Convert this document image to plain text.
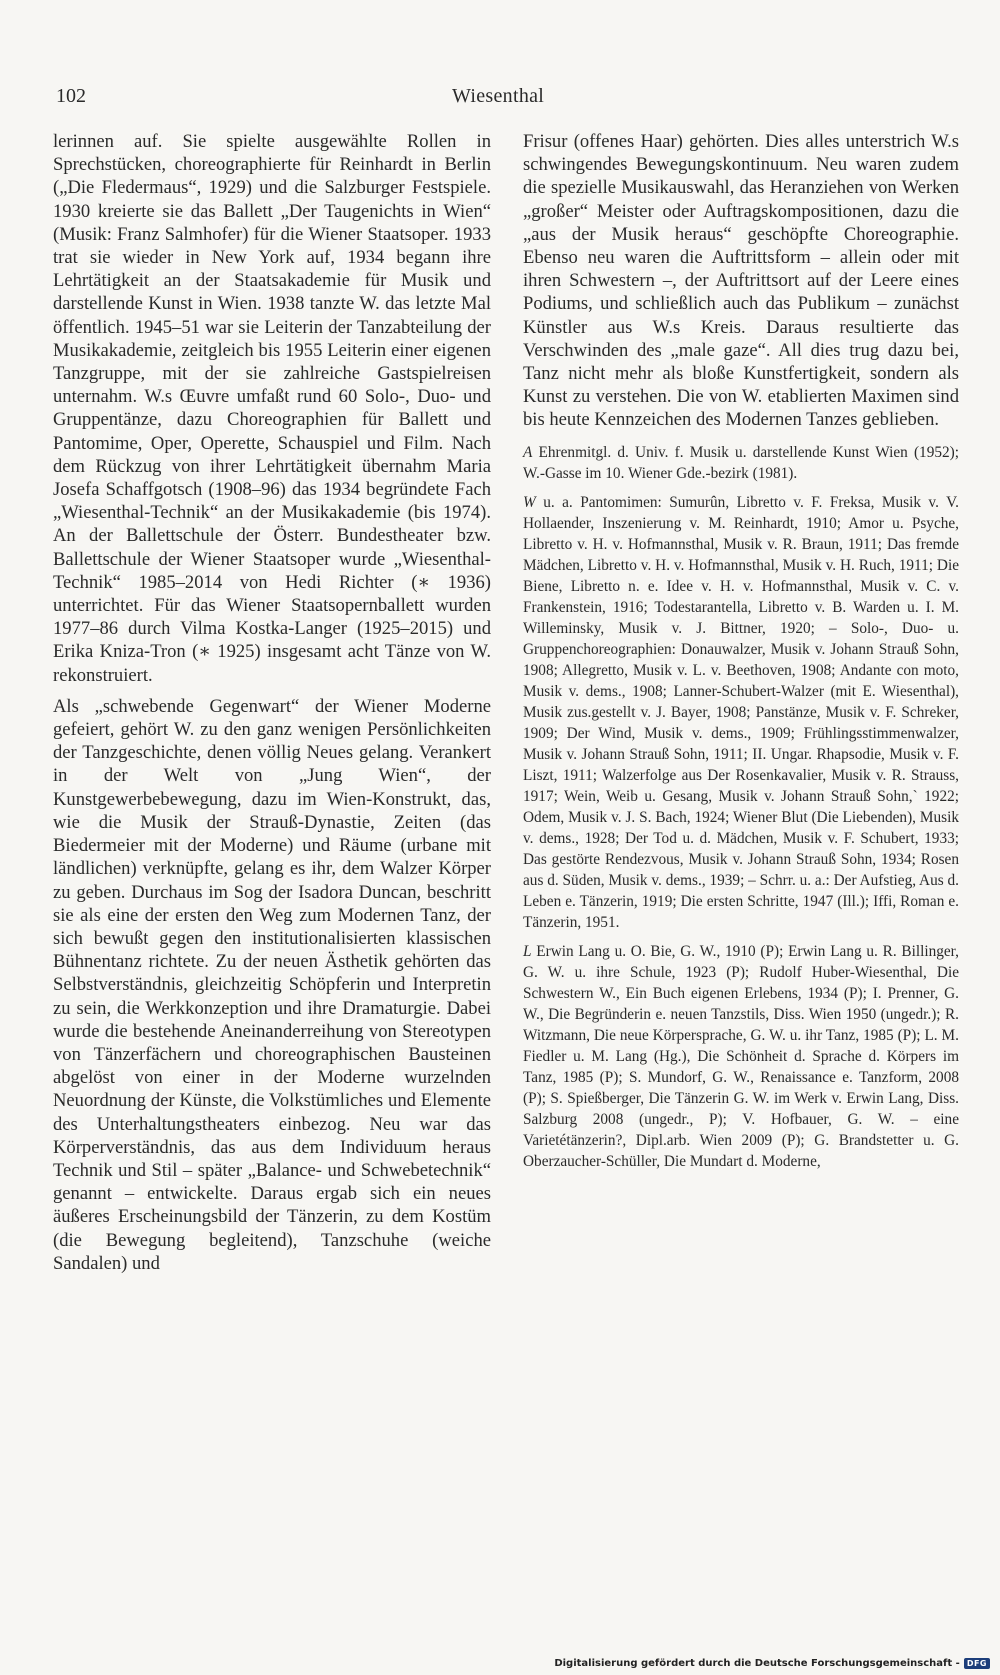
102	Wiesenthal

lerinnen auf. Sie spielte ausgewählte Rollen in Sprechstücken, choreographierte für Reinhardt in Berlin („Die Fledermaus“, 1929) und die Salzburger Festspiele. 1930 kreierte sie das Ballett „Der Taugenichts in Wien“ (Musik: Franz Salmhofer) für die Wiener Staatsoper. 1933 trat sie wieder in New York auf, 1934 begann ihre Lehrtätigkeit an der Staatsakademie für Musik und darstellende Kunst in Wien. 1938 tanzte W. das letzte Mal öffentlich. 1945–51 war sie Leiterin der Tanzabteilung der Musikakademie, zeitgleich bis 1955 Leiterin einer eigenen Tanzgruppe, mit der sie zahlreiche Gastspielreisen unternahm. W.s Œuvre umfaßt rund 60 Solo-, Duo- und Gruppentänze, dazu Choreographien für Ballett und Pantomime, Oper, Operette, Schauspiel und Film. Nach dem Rückzug von ihrer Lehrtätigkeit übernahm Maria Josefa Schaffgotsch (1908–96) das 1934 begründete Fach „Wiesenthal-Technik“ an der Musikakademie (bis 1974). An der Ballettschule der Österr. Bundestheater bzw. Ballettschule der Wiener Staatsoper wurde „Wiesenthal-Technik“ 1985–2014 von Hedi Richter (∗ 1936) unterrichtet. Für das Wiener Staatsopernballett wurden 1977–86 durch Vilma Kostka-Langer (1925–2015) und Erika Kniza-Tron (∗ 1925) insgesamt acht Tänze von W. rekonstruiert.

Als „schwebende Gegenwart“ der Wiener Moderne gefeiert, gehört W. zu den ganz wenigen Persönlichkeiten der Tanzgeschichte, denen völlig Neues gelang. Verankert in der Welt von „Jung Wien“, der Kunstgewerbebewegung, dazu im Wien-Konstrukt, das, wie die Musik der Strauß-Dynastie, Zeiten (das Biedermeier mit der Moderne) und Räume (urbane mit ländlichen) verknüpfte, gelang es ihr, dem Walzer Körper zu geben. Durchaus im Sog der Isadora Duncan, beschritt sie als eine der ersten den Weg zum Modernen Tanz, der sich bewußt gegen den institutionalisierten klassischen Bühnentanz richtete. Zu der neuen Ästhetik gehörten das Selbstverständnis, gleichzeitig Schöpferin und Interpretin zu sein, die Werkkonzeption und ihre Dramaturgie. Dabei wurde die bestehende Aneinanderreihung von Stereotypen von Tänzerfächern und choreographischen Bausteinen abgelöst von einer in der Moderne wurzelnden Neuordnung der Künste, die Volkstümliches und Elemente des Unterhaltungstheaters einbezog. Neu war das Körperverständnis, das aus dem Individuum heraus Technik und Stil – später „Balance- und Schwebetechnik“ genannt – entwickelte. Daraus ergab sich ein neues äußeres Erscheinungsbild der Tänzerin, zu dem Kostüm (die Bewegung begleitend), Tanzschuhe (weiche Sandalen) und

Frisur (offenes Haar) gehörten. Dies alles unterstrich W.s schwingendes Bewegungskontinuum. Neu waren zudem die spezielle Musikauswahl, das Heranziehen von Werken „großer“ Meister oder Auftragskompositionen, dazu die „aus der Musik heraus“ geschöpfte Choreographie. Ebenso neu waren die Auftrittsform – allein oder mit ihren Schwestern –, der Auftrittsort auf der Leere eines Podiums, und schließlich auch das Publikum – zunächst Künstler aus W.s Kreis. Daraus resultierte das Verschwinden des „male gaze“. All dies trug dazu bei, Tanz nicht mehr als bloße Kunstfertigkeit, sondern als Kunst zu verstehen. Die von W. etablierten Maximen sind bis heute Kennzeichen des Modernen Tanzes geblieben.

A Ehrenmitgl. d. Univ. f. Musik u. darstellende Kunst Wien (1952); W.-Gasse im 10. Wiener Gde.-bezirk (1981).

W u. a. Pantomimen: Sumurûn, Libretto v. F. Freksa, Musik v. V. Hollaender, Inszenierung v. M. Reinhardt, 1910; Amor u. Psyche, Libretto v. H. v. Hofmannsthal, Musik v. R. Braun, 1911; Das fremde Mädchen, Libretto v. H. v. Hofmannsthal, Musik v. H. Ruch, 1911; Die Biene, Libretto n. e. Idee v. H. v. Hofmannsthal, Musik v. C. v. Frankenstein, 1916; Todestarantella, Libretto v. B. Warden u. I. M. Willeminsky, Musik v. J. Bittner, 1920; – Solo-, Duo- u. Gruppenchoreographien: Donauwalzer, Musik v. Johann Strauß Sohn, 1908; Allegretto, Musik v. L. v. Beethoven, 1908; Andante con moto, Musik v. dems., 1908; Lanner-Schubert-Walzer (mit E. Wiesenthal), Musik zus.gestellt v. J. Bayer, 1908; Panstänze, Musik v. F. Schreker, 1909; Der Wind, Musik v. dems., 1909; Frühlingsstimmenwalzer, Musik v. Johann Strauß Sohn, 1911; II. Ungar. Rhapsodie, Musik v. F. Liszt, 1911; Walzerfolge aus Der Rosenkavalier, Musik v. R. Strauss, 1917; Wein, Weib u. Gesang, Musik v. Johann Strauß Sohn,` 1922; Odem, Musik v. J. S. Bach, 1924; Wiener Blut (Die Liebenden), Musik v. dems., 1928; Der Tod u. d. Mädchen, Musik v. F. Schubert, 1933; Das gestörte Rendezvous, Musik v. Johann Strauß Sohn, 1934; Rosen aus d. Süden, Musik v. dems., 1939; – Schrr. u. a.: Der Aufstieg, Aus d. Leben e. Tänzerin, 1919; Die ersten Schritte, 1947 (Ill.); Iffi, Roman e. Tänzerin, 1951.

L Erwin Lang u. O. Bie, G. W., 1910 (P); Erwin Lang u. R. Billinger, G. W. u. ihre Schule, 1923 (P); Rudolf Huber-Wiesenthal, Die Schwestern W., Ein Buch eigenen Erlebens, 1934 (P); I. Prenner, G. W., Die Begründerin e. neuen Tanzstils, Diss. Wien 1950 (ungedr.); R. Witzmann, Die neue Körpersprache, G. W. u. ihr Tanz, 1985 (P); L. M. Fiedler u. M. Lang (Hg.), Die Schönheit d. Sprache d. Körpers im Tanz, 1985 (P); S. Mundorf, G. W., Renaissance e. Tanzform, 2008 (P); S. Spießberger, Die Tänzerin G. W. im Werk v. Erwin Lang, Diss. Salzburg 2008 (ungedr., P); V. Hofbauer, G. W. – eine Varietétänzerin?, Dipl.arb. Wien 2009 (P); G. Brandstetter u. G. Oberzaucher-Schüller, Die Mundart d. Moderne,

Digitalisierung gefördert durch die Deutsche Forschungsgemeinschaft - DFG
